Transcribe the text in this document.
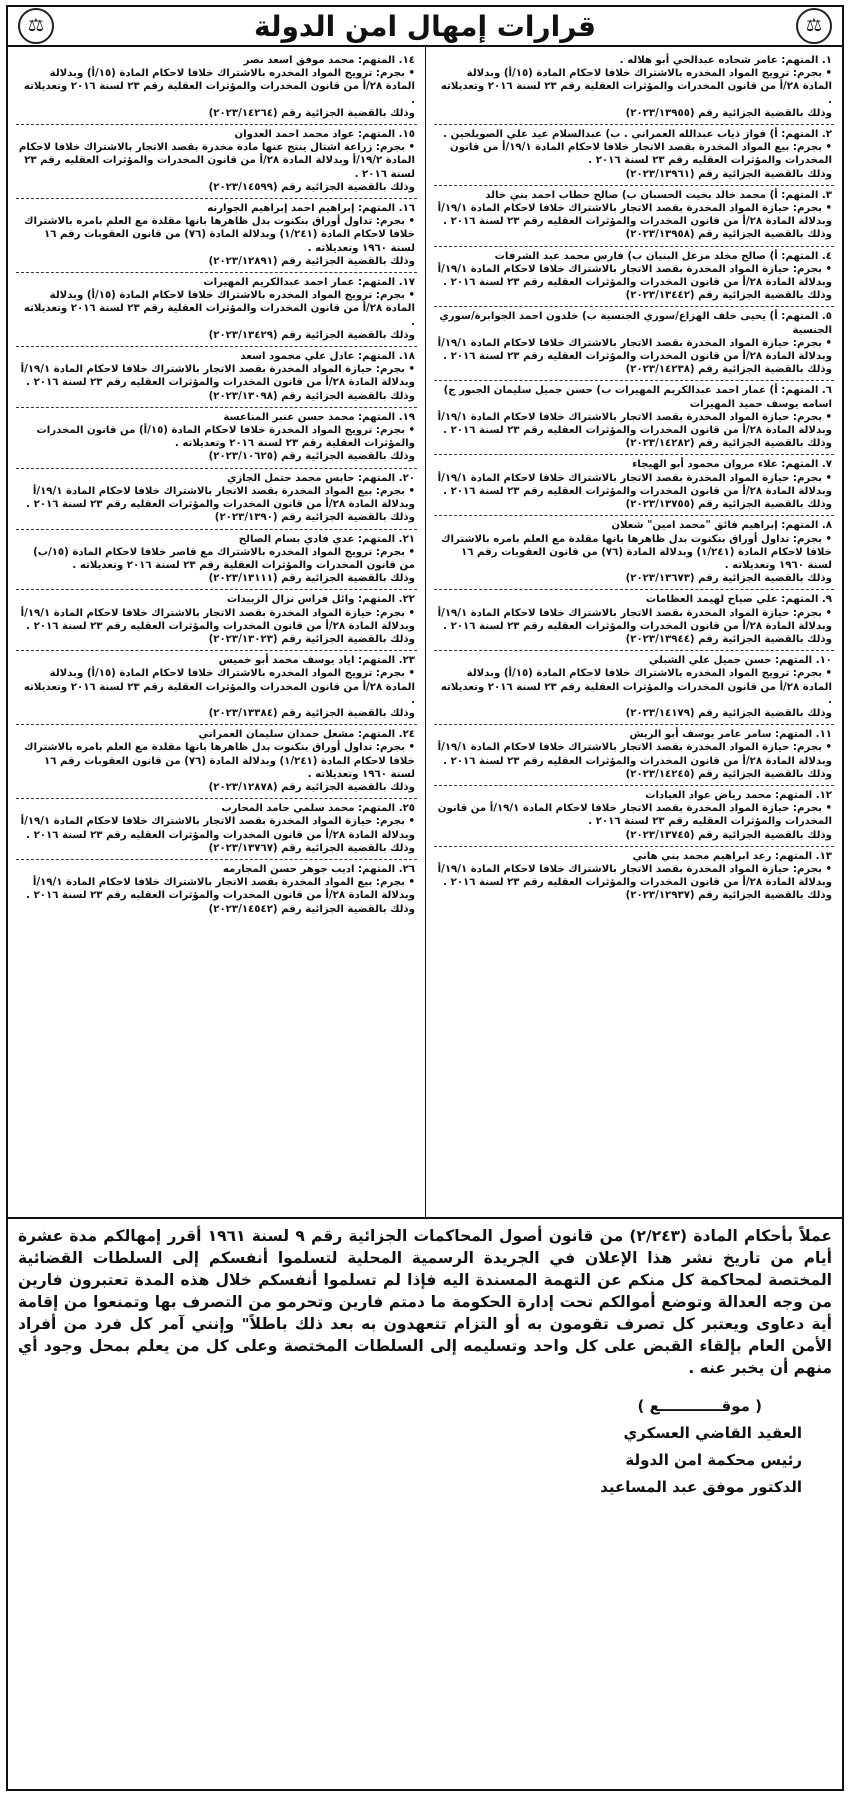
⚖	قرارات إمهال امن الدولة	⚖
١. المتهم: عامر شحاده عبدالحي أبو هلاله .
• بجرم: ترويج المواد المخدره بالاشتراك خلافا لاحكام المادة (١٥/أ) وبدلالة المادة ٢٨/أ من قانون المخدرات والمؤثرات العقلية رقم ٢٣ لسنة ٢٠١٦ وتعديلاته .
وذلك بالقضية الجزائية رقم (٢٠٢٣/١٣٩٥٥)
٢. المتهم: أ) فواز ذياب عبدالله العمراني . ب) عبدالسلام عيد علي الصويلحين .
• بجرم: بيع المواد المخدرة بقصد الاتجار خلافا لاحكام المادة ١٩/١/أ من قانون المخدرات والمؤثرات العقليه رقم ٢٣ لسنة ٢٠١٦ .
وذلك بالقضية الجزائية رقم (٢٠٢٣/١٣٩٦١)
٣. المتهم: أ) محمد خالد بخيت الحسبان ب) صالح حطاب احمد بني خالد
• بجرم: حيازة المواد المخدرة بقصد الاتجار بالاشتراك خلافا لاحكام المادة ١٩/١/أ وبدلالة المادة ٢٨/أ من قانون المخدرات والمؤثرات العقليه رقم ٢٣ لسنة ٢٠١٦ .
وذلك بالقضية الجزائية رقم (٢٠٢٣/١٣٩٥٨)
٤. المتهم: أ) صالح مخلد مزعل البنيان ب) فارس محمد عبد الشرفات
• بجرم: حيازة المواد المخدرة بقصد الاتجار بالاشتراك خلافا لاحكام المادة ١٩/١/أ وبدلالة المادة ٢٨/أ من قانون المخدرات والمؤثرات العقليه رقم ٢٣ لسنة ٢٠١٦ .
وذلك بالقضية الجزائية رقم (٢٠٢٣/١٣٤٤٢)
٥. المتهم: أ) يحيى خلف الهزاع/سوري الجنسية ب) خلدون احمد الجوابرة/سوري الجنسية
• بجرم: حيازة المواد المخدرة بقصد الاتجار بالاشتراك خلافا لاحكام المادة ١٩/١/أ وبدلالة المادة ٢٨/أ من قانون المخدرات والمؤثرات العقليه رقم ٢٣ لسنة ٢٠١٦ .
وذلك بالقضية الجزائية رقم (٢٠٢٣/١٤٢٣٨)
٦. المتهم: أ) عمار احمد عبدالكريم المهيرات ب) حسن جميل سليمان الجبور ج) اسامه يوسف حميد المهيرات
• بجرم: حيازة المواد المخدرة بقصد الاتجار بالاشتراك خلافا لاحكام المادة ١٩/١/أ وبدلالة المادة ٢٨/أ من قانون المخدرات والمؤثرات العقليه رقم ٢٣ لسنة ٢٠١٦ .
وذلك بالقضية الجزائية رقم (٢٠٢٣/١٤٢٨٢)
٧. المتهم: علاء مروان محمود أبو الهيجاء
• بجرم: حيازة المواد المخدرة بقصد الاتجار بالاشتراك خلافا لاحكام المادة ١٩/١/أ وبدلالة المادة ٢٨/أ من قانون المخدرات والمؤثرات العقليه رقم ٢٣ لسنة ٢٠١٦ .
وذلك بالقضية الجزائية رقم (٢٠٢٣/١٣٧٥٥)
٨. المتهم: إبراهيم فائق "محمد امين" شعلان
• بجرم: تداول أوراق بنكنوت بدل ظاهرها بانها مقلدة مع العلم بامره بالاشتراك خلافا لاحكام المادة (١/٢٤١) وبدلالة المادة (٧٦) من قانون العقوبات رقم ١٦ لسنة ١٩٦٠ وتعديلاته .
وذلك بالقضية الجزائية رقم (٢٠٢٣/١٣٦٧٣)
٩. المتهم: علي صياح لهيمد العظامات
• بجرم: حيازة المواد المخدرة بقصد الاتجار بالاشتراك خلافا لاحكام المادة ١٩/١/أ وبدلالة المادة ٢٨/أ من قانون المخدرات والمؤثرات العقليه رقم ٢٣ لسنة ٢٠١٦ .
وذلك بالقضية الجزائية رقم (٢٠٢٣/١٣٩٤٤)
١٠. المتهم: حسن جميل علي الشبلي
• بجرم: ترويج المواد المخدره بالاشتراك خلافا لاحكام المادة (١٥/أ) وبدلالة المادة ٢٨/أ من قانون المخدرات والمؤثرات العقلية رقم ٢٣ لسنة ٢٠١٦ وتعديلاته .
وذلك بالقضية الجزائية رقم (٢٠٢٣/١٤١٧٩)
١١. المتهم: سامر عامر يوسف أبو الريش
• بجرم: حيازة المواد المخدرة بقصد الاتجار بالاشتراك خلافا لاحكام المادة ١٩/١/أ وبدلالة المادة ٢٨/أ من قانون المخدرات والمؤثرات العقليه رقم ٢٣ لسنة ٢٠١٦ .
وذلك بالقضية الجزائية رقم (٢٠٢٣/١٤٢٤٥)
١٢. المتهم: محمد رياض عواد العيادات
• بجرم: حيازة المواد المخدرة بقصد الاتجار خلافا لاحكام المادة ١٩/١/أ من قانون المخدرات والمؤثرات العقليه رقم ٢٣ لسنة ٢٠١٦ .
وذلك بالقضية الجزائية رقم (٢٠٢٣/١٣٧٤٥)
١٣. المتهم: رعد ابراهيم محمد بني هاني
• بجرم: حيازة المواد المخدرة بقصد الاتجار بالاشتراك خلافا لاحكام المادة ١٩/١/أ وبدلالة المادة ٢٨/أ من قانون المخدرات والمؤثرات العقليه رقم ٢٣ لسنة ٢٠١٦ .
وذلك بالقضية الجزائية رقم (٢٠٢٣/١٢٩٣٧)
١٤. المتهم: محمد موفق اسعد نصر
• بجرم: ترويج المواد المخدره بالاشتراك خلافا لاحكام المادة (١٥/أ) وبدلالة المادة ٢٨/أ من قانون المخدرات والمؤثرات العقلية رقم ٢٣ لسنة ٢٠١٦ وتعديلاته .
وذلك بالقضية الجزائية رقم (٢٠٢٣/١٤٢٦٤)
١٥. المتهم: عواد محمد احمد العدوان
• بجرم: زراعة اشتال ينتج عنها مادة مخدرة بقصد الاتجار بالاشتراك خلافا لاحكام المادة ١٩/٢/أ وبدلالة المادة ٢٨/أ من قانون المخدرات والمؤثرات العقليه رقم ٢٣ لسنة ٢٠١٦ .
وذلك بالقضية الجزائية رقم (٢٠٢٣/١٤٥٩٩)
١٦. المتهم: إبراهيم احمد إبراهيم الجوارنه
• بجرم: تداول أوراق بنكنوت بدل ظاهرها بانها مقلدة مع العلم بامره بالاشتراك خلافا لاحكام المادة (١/٢٤١) وبدلالة المادة (٧٦) من قانون العقوبات رقم ١٦ لسنة ١٩٦٠ وتعديلاته .
وذلك بالقضية الجزائية رقم (٢٠٢٣/١٢٨٩١)
١٧. المتهم: عمار احمد عبدالكريم المهيرات
• بجرم: ترويج المواد المخدره بالاشتراك خلافا لاحكام المادة (١٥/أ) وبدلالة المادة ٢٨/أ من قانون المخدرات والمؤثرات العقلية رقم ٢٣ لسنة ٢٠١٦ وتعديلاته .
وذلك بالقضية الجزائية رقم (٢٠٢٣/١٣٤٢٩)
١٨. المتهم: عادل علي محمود اسعد
• بجرم: حيازة المواد المخدرة بقصد الاتجار بالاشتراك خلافا لاحكام المادة ١٩/١/أ وبدلالة المادة ٢٨/أ من قانون المخدرات والمؤثرات العقليه رقم ٢٣ لسنة ٢٠١٦ .
وذلك بالقضية الجزائية رقم (٢٠٢٣/١٣٠٩٨)
١٩. المتهم: محمد حسن عنبر المناعسة
• بجرم: ترويج المواد المخدرة خلافا لاحكام المادة (١٥/أ) من قانون المخدرات والمؤثرات العقلية رقم ٢٣ لسنة ٢٠١٦ وتعديلاته .
وذلك بالقضية الجزائية رقم (٢٠٢٣/١٠٦٢٥)
٢٠. المتهم: حابس محمد حتمل الجازي
• بجرم: بيع المواد المخدرة بقصد الاتجار بالاشتراك خلافا لاحكام المادة ١٩/١/أ وبدلالة المادة ٢٨/أ من قانون المخدرات والمؤثرات العقليه رقم ٢٣ لسنة ٢٠١٦ .
وذلك بالقضية الجزائية رقم (٢٠٢٣/١٣٩٠)
٢١. المتهم: عدي فادي بسام الصالح
• بجرم: ترويج المواد المخدره بالاشتراك مع قاصر خلافا لاحكام المادة (١٥/ب) من قانون المخدرات والمؤثرات العقلية رقم ٢٣ لسنة ٢٠١٦ وتعديلاته .
وذلك بالقضية الجزائية رقم (٢٠٢٣/١٣١١١)
٢٢. المتهم: وائل فراس نزال الزبيدات
• بجرم: حيازة المواد المخدرة بقصد الاتجار بالاشتراك خلافا لاحكام المادة ١٩/١/أ وبدلالة المادة ٢٨/أ من قانون المخدرات والمؤثرات العقليه رقم ٢٣ لسنة ٢٠١٦ .
وذلك بالقضية الجزائية رقم (٢٠٢٣/١٣٠٢٣)
٢٣. المتهم: اياد يوسف محمد أبو خميس
• بجرم: ترويج المواد المخدره بالاشتراك خلافا لاحكام المادة (١٥/أ) وبدلالة المادة ٢٨/أ من قانون المخدرات والمؤثرات العقلية رقم ٢٣ لسنة ٢٠١٦ وتعديلاته .
وذلك بالقضية الجزائية رقم (٢٠٢٣/١٣٣٨٤)
٢٤. المتهم: مشعل حمدان سليمان العمراني
• بجرم: تداول أوراق بنكنوت بدل ظاهرها بانها مقلدة مع العلم بامره بالاشتراك خلافا لاحكام المادة (١/٢٤١) وبدلالة المادة (٧٦) من قانون العقوبات رقم ١٦ لسنة ١٩٦٠ وتعديلاته .
وذلك بالقضية الجزائية رقم (٢٠٢٣/١٢٨٧٨)
٢٥. المتهم: محمد سلمي حامد المحارب
• بجرم: حيازة المواد المخدرة بقصد الاتجار بالاشتراك خلافا لاحكام المادة ١٩/١/أ وبدلالة المادة ٢٨/أ من قانون المخدرات والمؤثرات العقليه رقم ٢٣ لسنة ٢٠١٦ .
وذلك بالقضية الجزائية رقم (٢٠٢٣/١٣٧٦٧)
٢٦. المتهم: اديب جوهر حسن المجارمه
• بجرم: بيع المواد المخدرة بقصد الاتجار بالاشتراك خلافا لاحكام المادة ١٩/١/أ وبدلالة المادة ٢٨/أ من قانون المخدرات والمؤثرات العقليه رقم ٢٣ لسنة ٢٠١٦ .
وذلك بالقضية الجزائية رقم (٢٠٢٣/١٤٥٤٢)

عملاً بأحكام المادة (٢/٢٤٣) من قانون أصول المحاكمات الجزائية رقم ٩ لسنة ١٩٦١ أقرر إمهالكم مدة عشرة أيام من تاريخ نشر هذا الإعلان في الجريدة الرسمية المحلية لتسلموا أنفسكم إلى السلطات القضائية المختصة لمحاكمة كل منكم عن التهمة المسندة اليه فإذا لم تسلموا أنفسكم خلال هذه المدة تعتبرون فارين من وجه العدالة وتوضع أموالكم تحت إدارة الحكومة ما دمتم فارين وتحرمو من التصرف بها وتمنعوا من إقامة أية دعاوى ويعتبر كل تصرف تقومون به أو التزام تتعهدون به بعد ذلك باطلاً" وإنني آمر كل فرد من أفراد الأمن العام بإلقاء القبض على كل واحد وتسليمه إلى السلطات المختصة وعلى كل من يعلم بمحل وجود أي منهم أن يخبر عنه .

( موقــــــــــــع )
العقيد القاضي العسكري
رئيس محكمة امن الدولة
الدكتور موفق عبد المساعيد
